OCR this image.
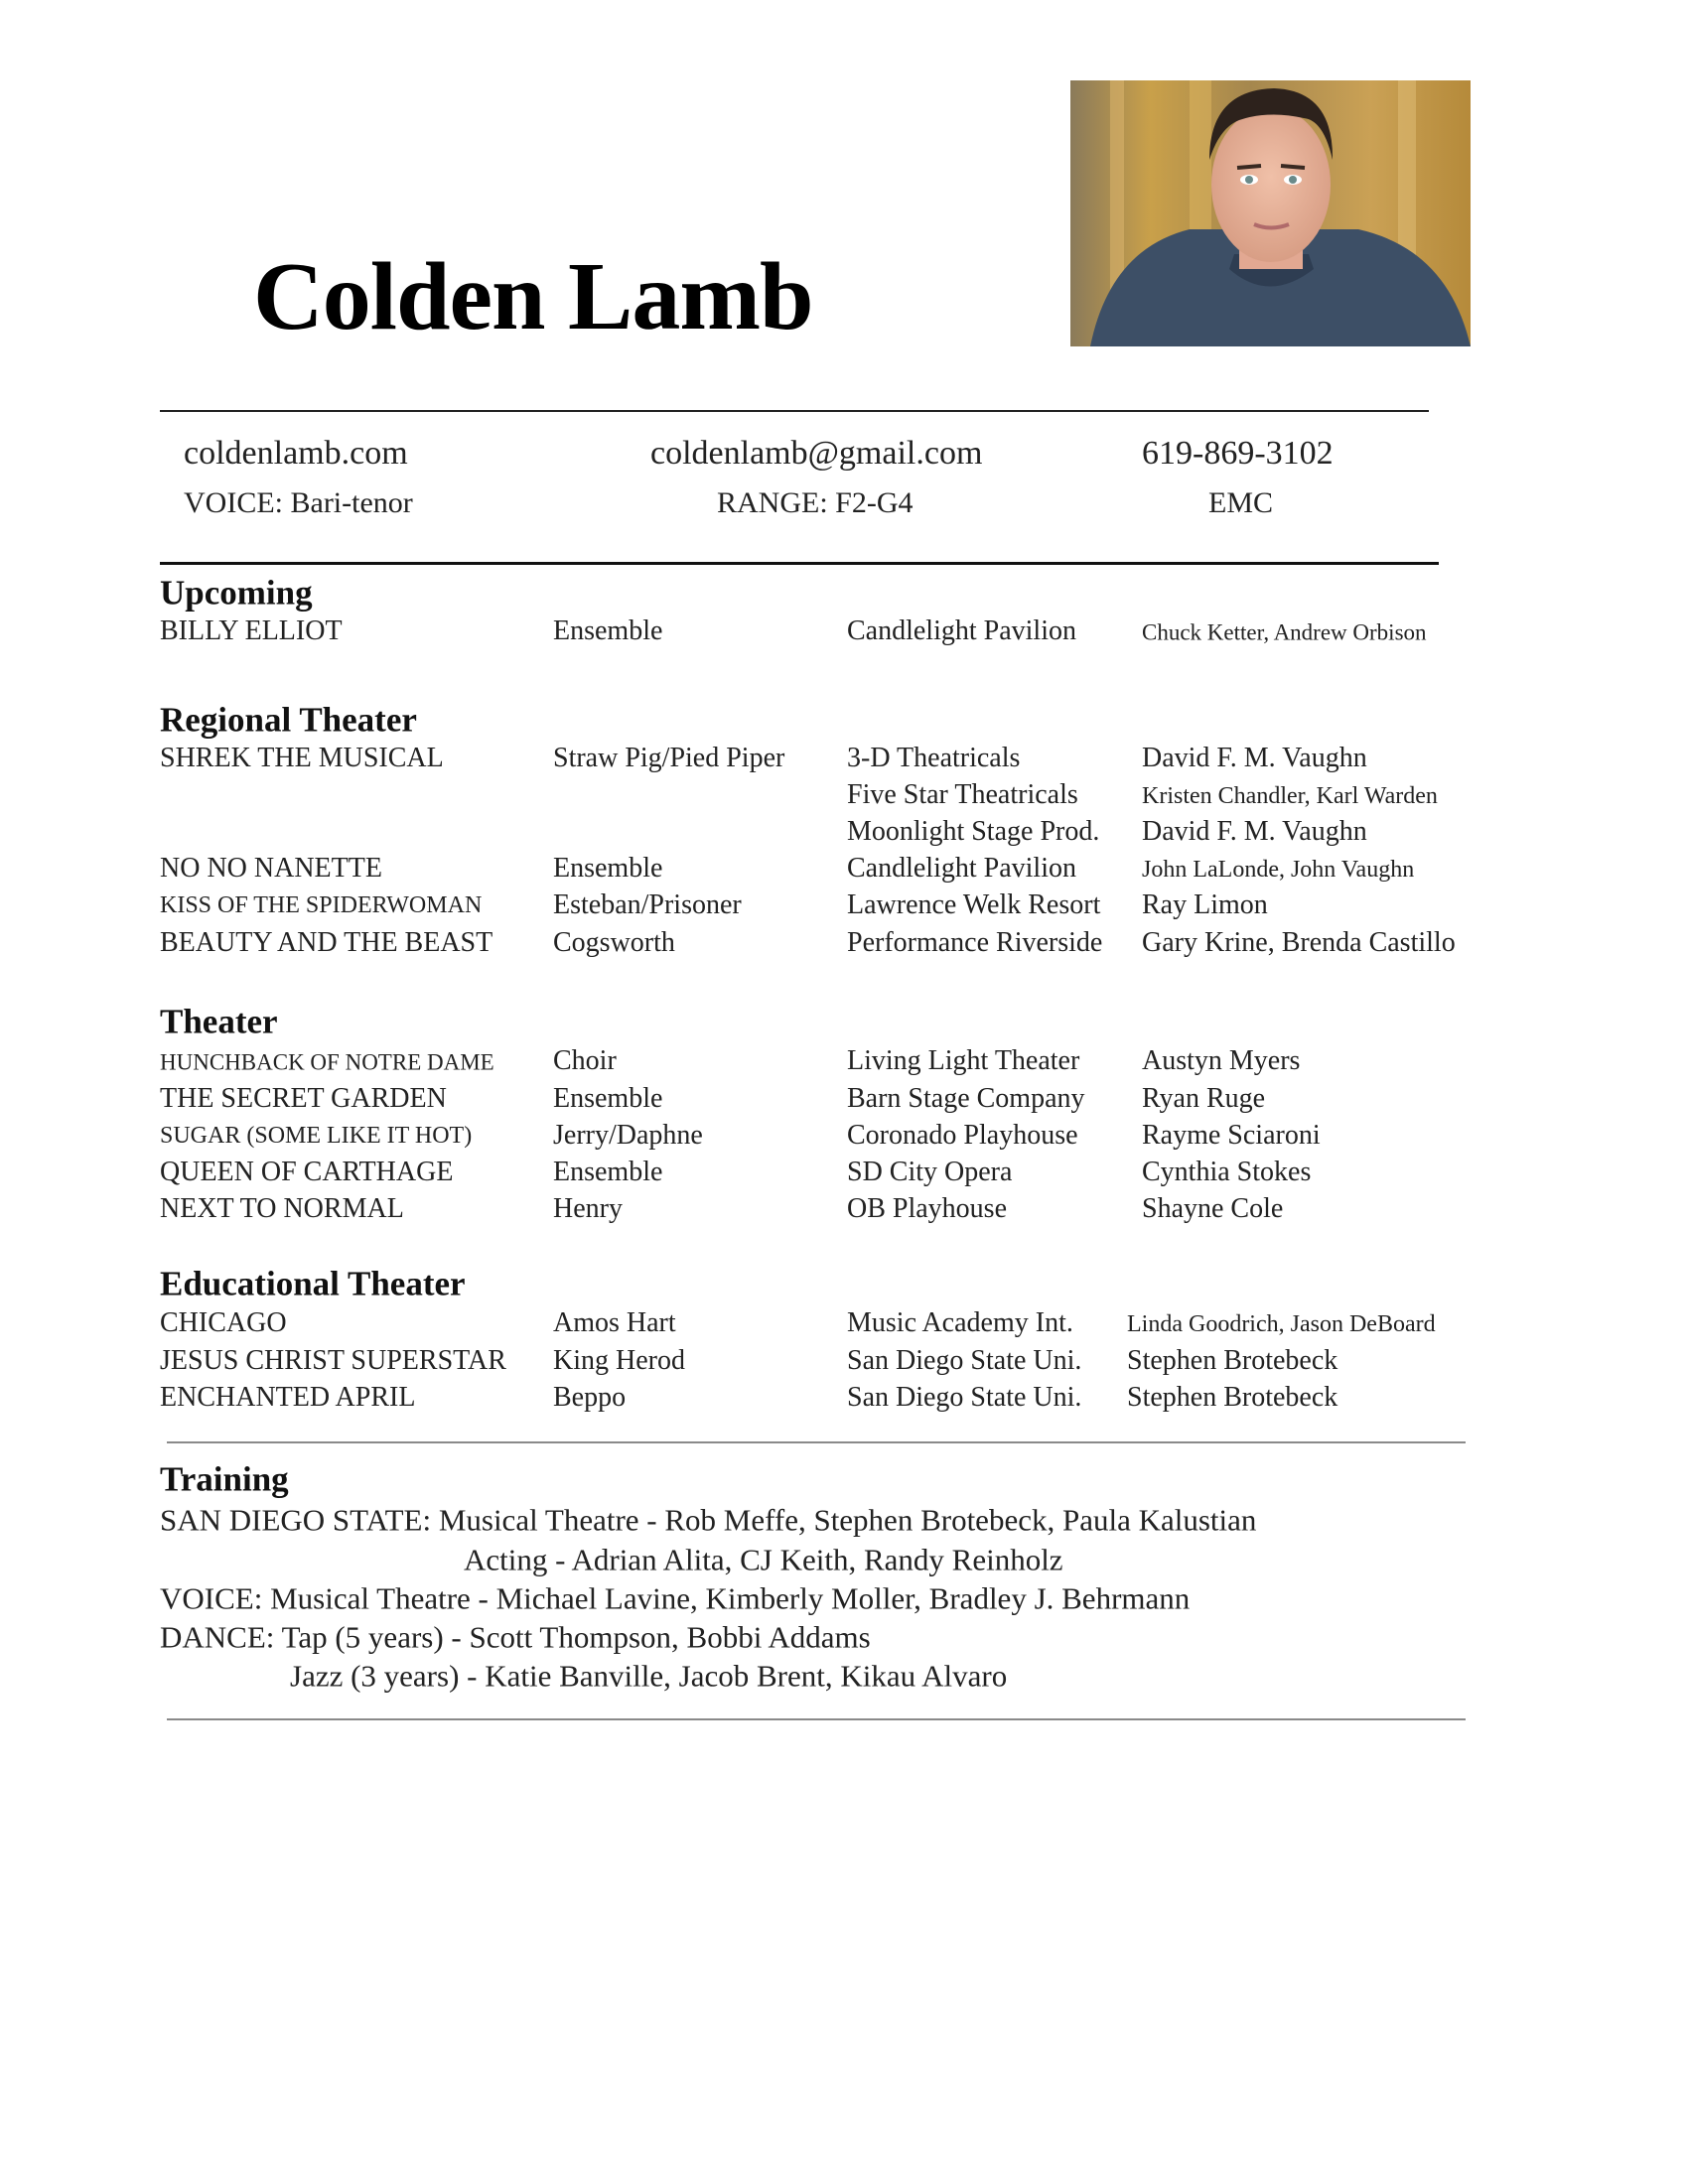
Colden Lamb
coldenlamb.com	coldenlamb@gmail.com	619-869-3102
VOICE: Bari-tenor	RANGE: F2-G4	EMC
Upcoming
BILLY ELLIOT	Ensemble	Candlelight Pavilion	Chuck Ketter, Andrew Orbison
Regional Theater
SHREK THE MUSICAL	Straw Pig/Pied Piper 3-D Theatricals	David F. M. Vaughn
Five Star Theatricals	Kristen Chandler, Karl Warden
Moonlight Stage Prod. David F. M. Vaughn
NO NO NANETTE	Ensemble	Candlelight Pavilion	John LaLonde, John Vaughn
KISS OF THE SPIDERWOMAN	Esteban/Prisoner	Lawrence Welk Resort Ray Limon
BEAUTY AND THE BEAST Cogsworth	Performance Riverside Gary Krine, Brenda Castillo
Theater
HUNCHBACK OF NOTRE DAME Choir	Living Light Theater Austyn Myers
THE SECRET GARDEN	Ensemble	Barn Stage Company Ryan Ruge
SUGAR (SOME LIKE IT HOT)	Jerry/Daphne	Coronado Playhouse Rayme Sciaroni
QUEEN OF CARTHAGE	Ensemble	SD City Opera	Cynthia Stokes
NEXT TO NORMAL	Henry	OB Playhouse	Shayne Cole
Educational Theater
CHICAGO	Amos Hart	Music Academy Int. Linda Goodrich, Jason DeBoard
JESUS CHRIST SUPERSTAR King Herod	San Diego State Uni. Stephen Brotebeck
ENCHANTED APRIL	Beppo	San Diego State Uni. Stephen Brotebeck
Training
SAN DIEGO STATE: Musical Theatre - Rob Meffe, Stephen Brotebeck, Paula Kalustian
Acting - Adrian Alita, CJ Keith, Randy Reinholz
VOICE: Musical Theatre - Michael Lavine, Kimberly Moller, Bradley J. Behrmann
DANCE: Tap (5 years) - Scott Thompson, Bobbi Addams
Jazz (3 years) - Katie Banville, Jacob Brent, Kikau Alvaro
